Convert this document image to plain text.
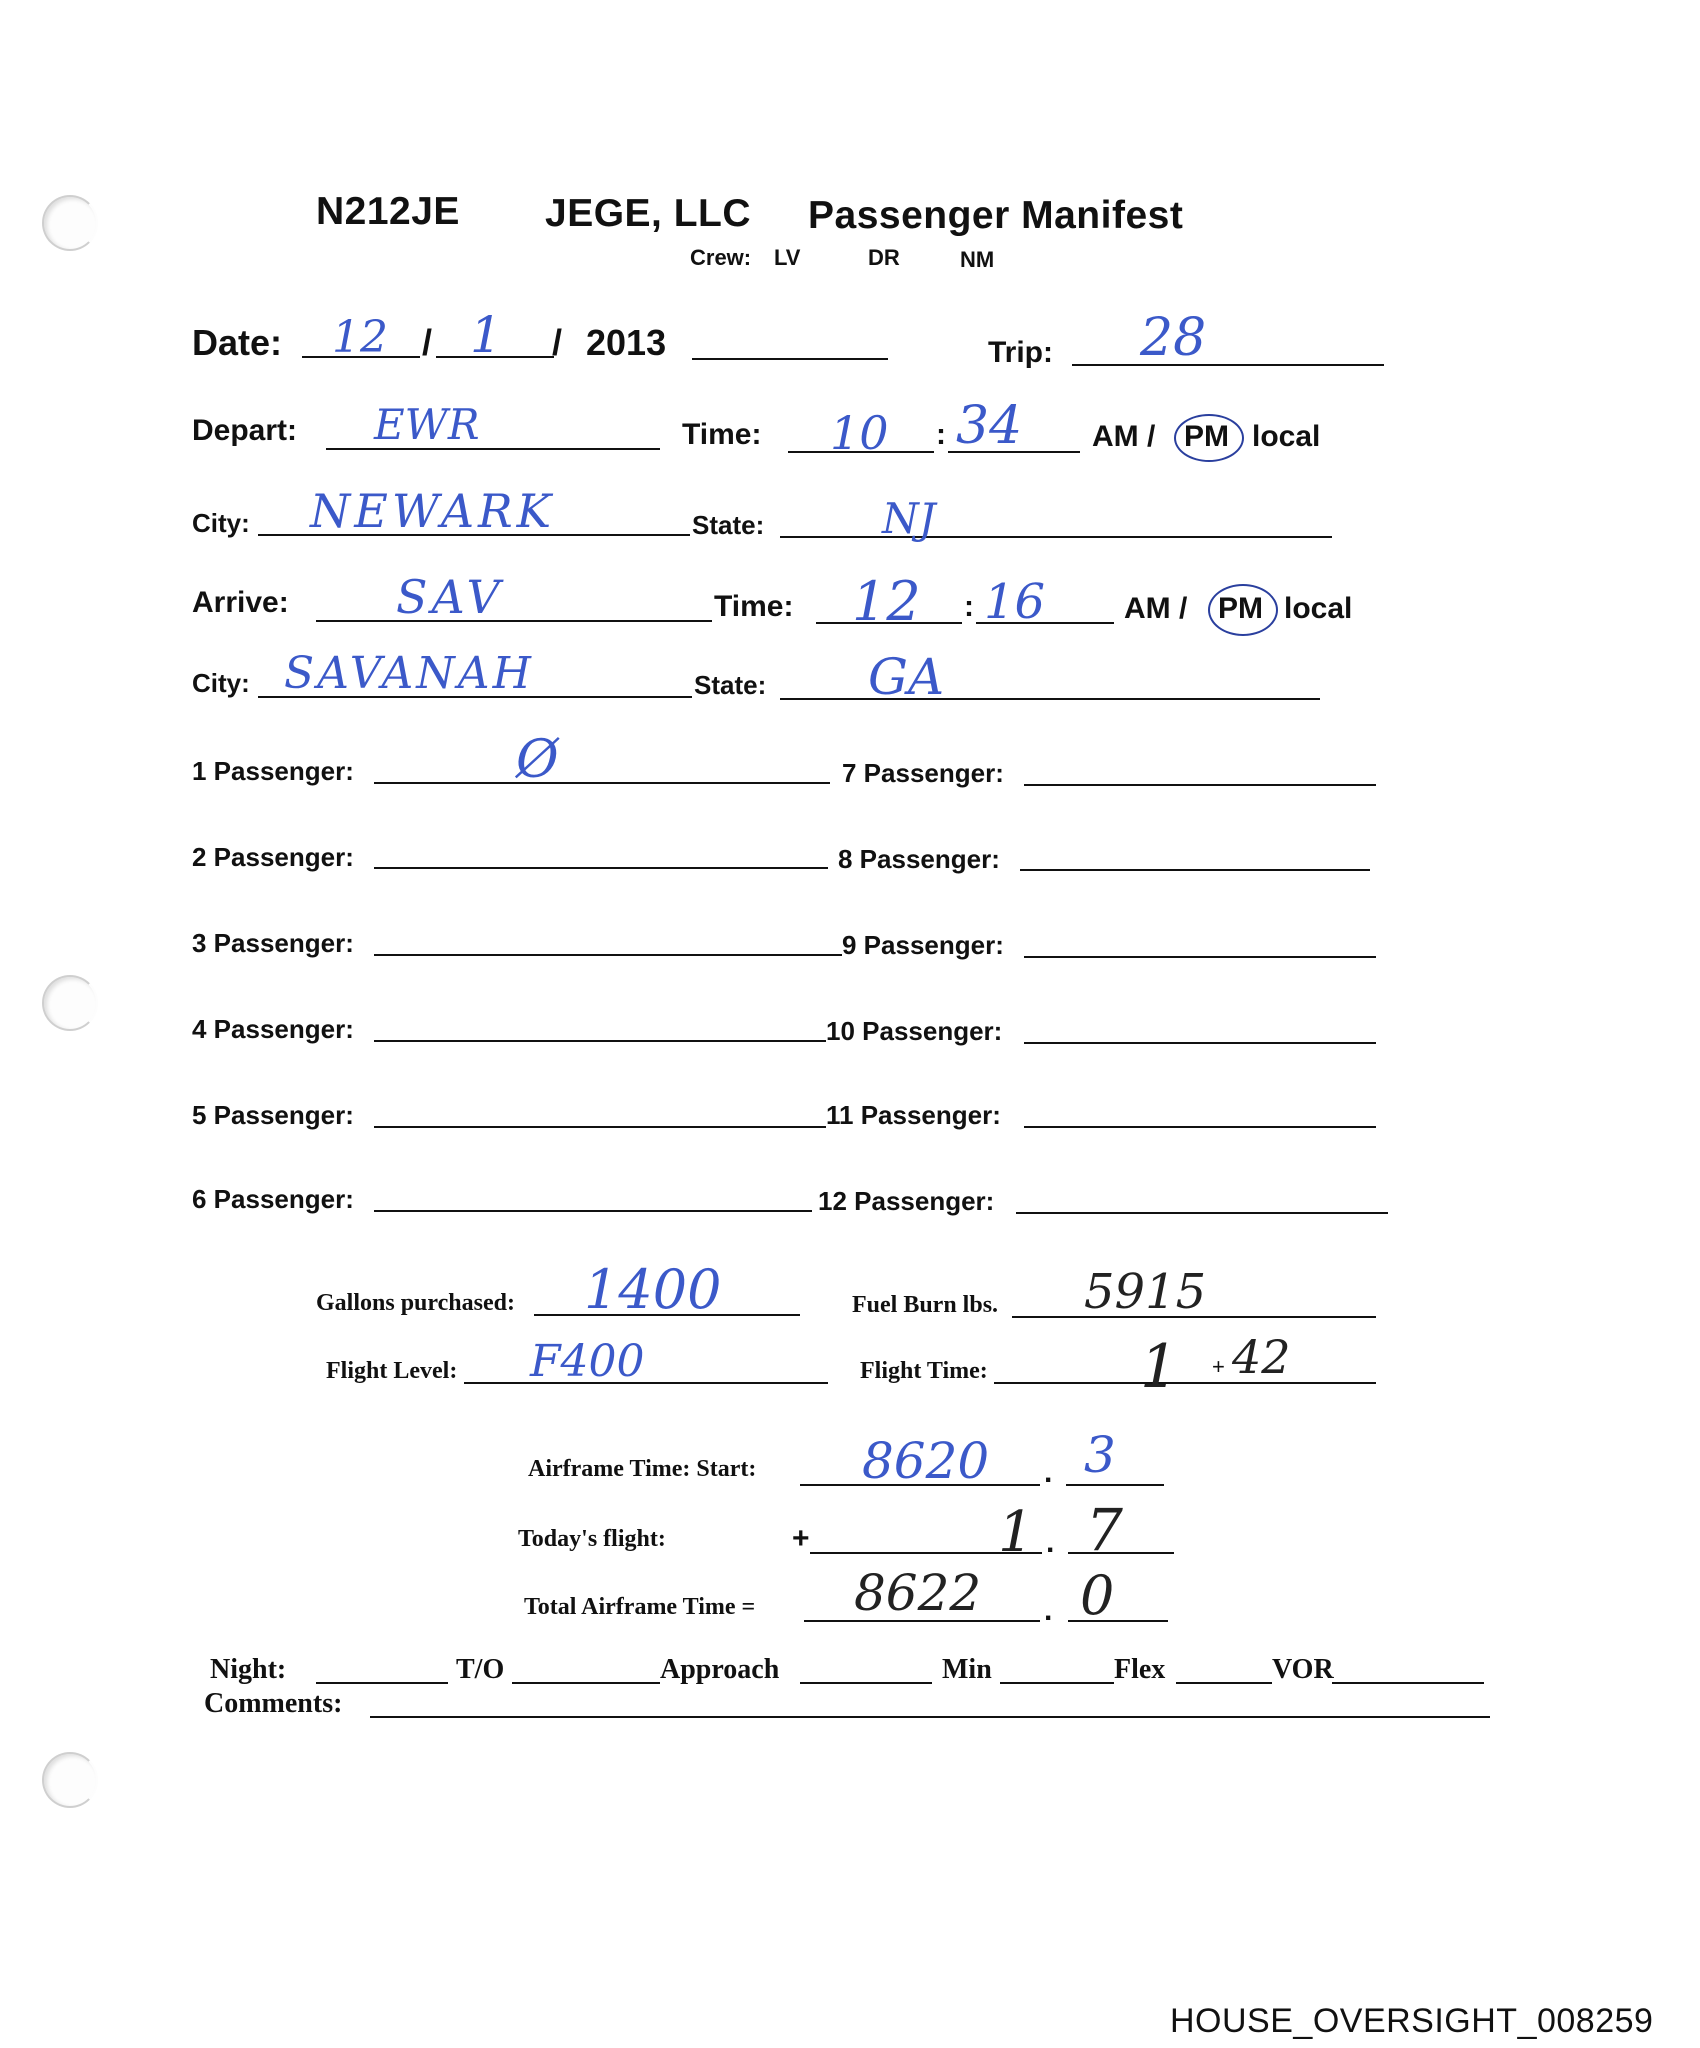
N212JE JEGE, LLC Passenger Manifest
Crew: LV	DR	NM
Date: 12 / 1 / 2013	Trip: 28
Depart: EWR	Time: 10 : 34 AM / PM local
City: NEWARK	State:	NJ
Arrive: SAV	Time: 12 : 16	AM / PM local
City: SAVANAH	State: GA
1 Passenger:	Ø	7 Passenger:
2 Passenger:	8 Passenger:
3 Passenger:	9 Passenger:
4 Passenger:	10 Passenger:
5 Passenger:	11 Passenger:
6 Passenger:	12 Passenger:
Gallons purchased: 1400	Fuel Burn lbs. 5915
Flight Level: F400	Flight Time:	1 + 42
Airframe Time: Start: 8620 . 3
Today's flight:	+	1 . 7
Total Airframe Time = 8622 . 0
Night:	T/O	Approach	Min	Flex	VOR
Comments:
HOUSE_OVERSIGHT_008259
